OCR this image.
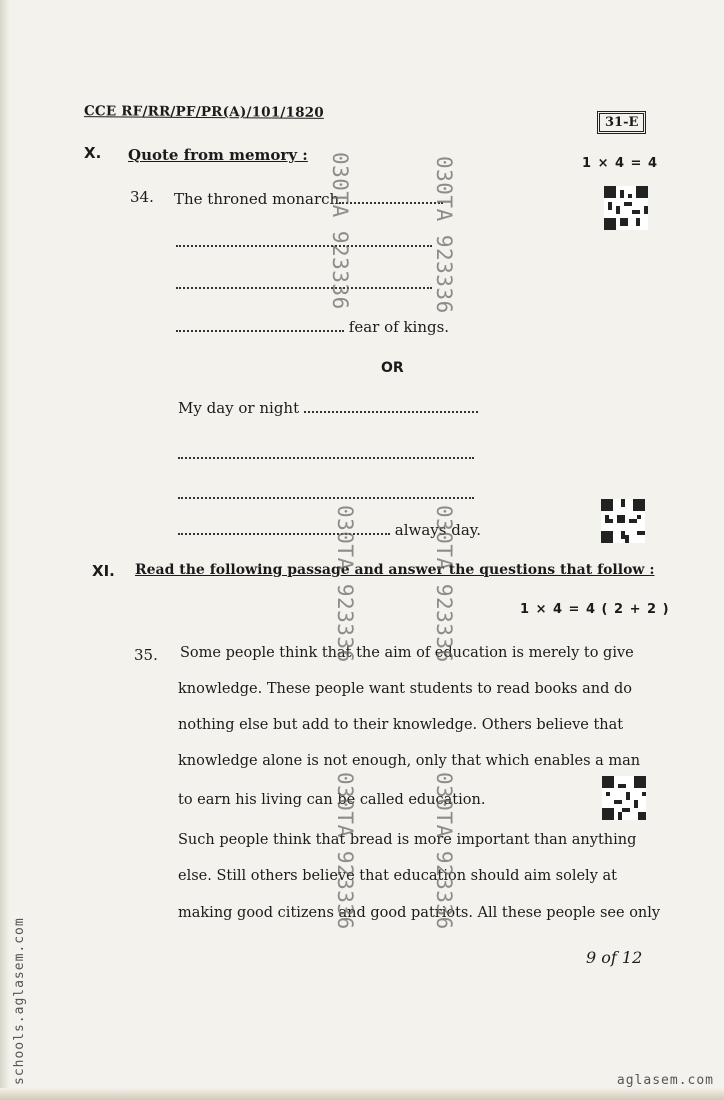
CCE RF/RR/PF/PR(A)/101/1820
31-E
X. Quote from memory :	1 × 4 = 4
34. The throned monarch
fear of kings.
OR
My day or night
always day.
XI. Read the following passage and answer the questions that follow :
1 × 4 = 4 ( 2 + 2 )
35. Some people think that the aim of education is merely to give
knowledge. These people want students to read books and do
nothing else but add to their knowledge. Others believe that
knowledge alone is not enough, only that which enables a man
to earn his living can be called education.
Such people think that bread is more important than anything
else. Still others believe that education should aim solely at
making good citizens and good patriots. All these people see only
9 of 12
030TA 923336	030TA 923336
030TA 923336	030TA 923336
030TA 923336	030TA 923336
schools.aglasem.com	aglasem.com
